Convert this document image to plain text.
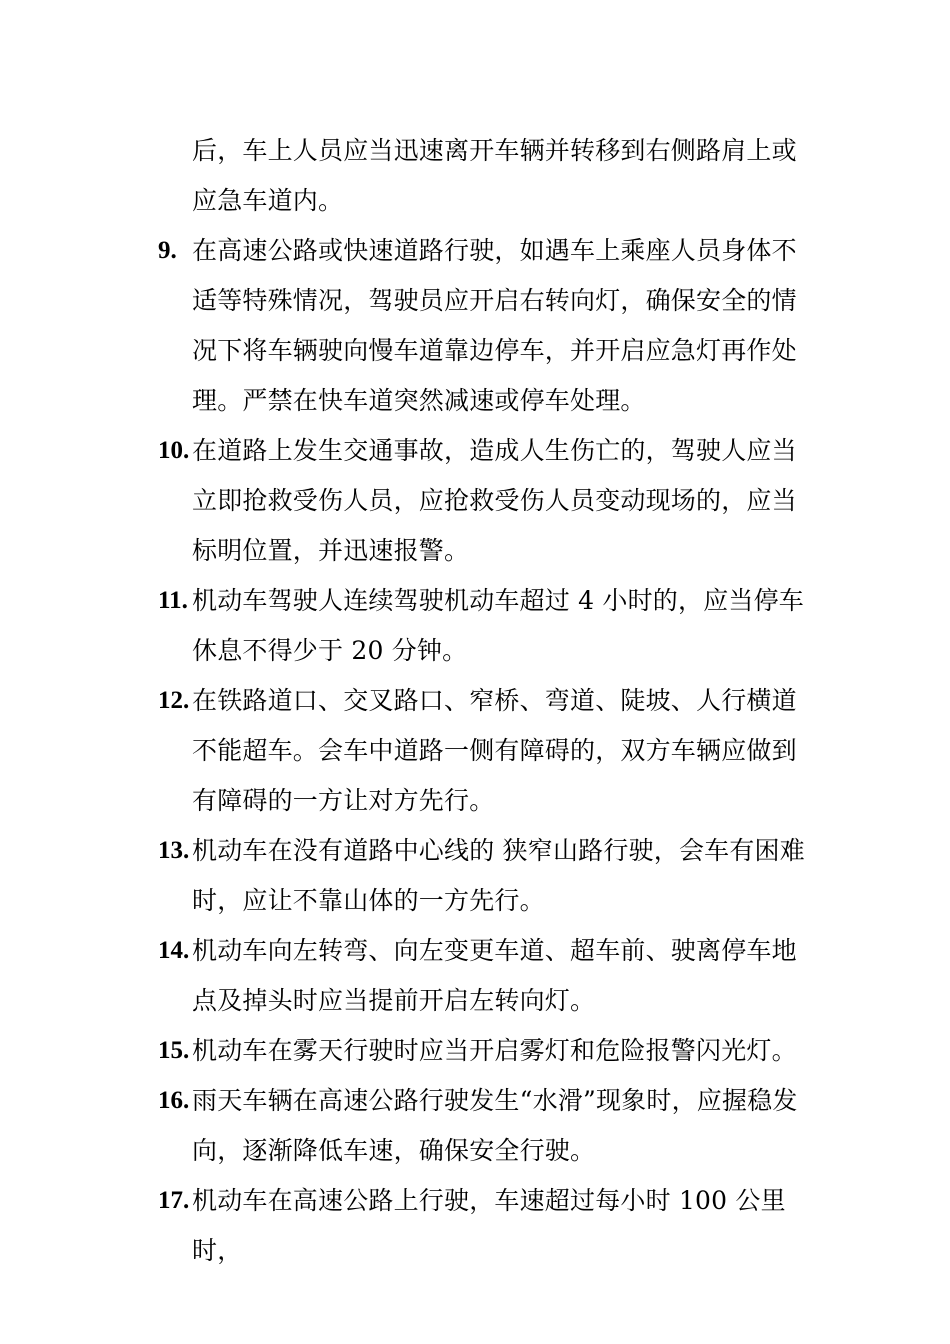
后，车上人员应当迅速离开车辆并转移到右侧路肩上或应急车道内。
9. 在高速公路或快速道路行驶，如遇车上乘座人员身体不适等特殊情况，驾驶员应开启右转向灯，确保安全的情况下将车辆驶向慢车道靠边停车，并开启应急灯再作处理。严禁在快车道突然减速或停车处理。
10. 在道路上发生交通事故，造成人生伤亡的，驾驶人应当立即抢救受伤人员，应抢救受伤人员变动现场的，应当标明位置，并迅速报警。
11. 机动车驾驶人连续驾驶机动车超过 4 小时的，应当停车休息不得少于 20 分钟。
12. 在铁路道口、交叉路口、窄桥、弯道、陡坡、人行横道不能超车。会车中道路一侧有障碍的，双方车辆应做到有障碍的一方让对方先行。
13. 机动车在没有道路中心线的 狭窄山路行驶，会车有困难时，应让不靠山体的一方先行。
14. 机动车向左转弯、向左变更车道、超车前、驶离停车地点及掉头时应当提前开启左转向灯。
15. 机动车在雾天行驶时应当开启雾灯和危险报警闪光灯。
16. 雨天车辆在高速公路行驶发生“水滑”现象时，应握稳发向，逐渐降低车速，确保安全行驶。
17. 机动车在高速公路上行驶，车速超过每小时 100 公里时，
